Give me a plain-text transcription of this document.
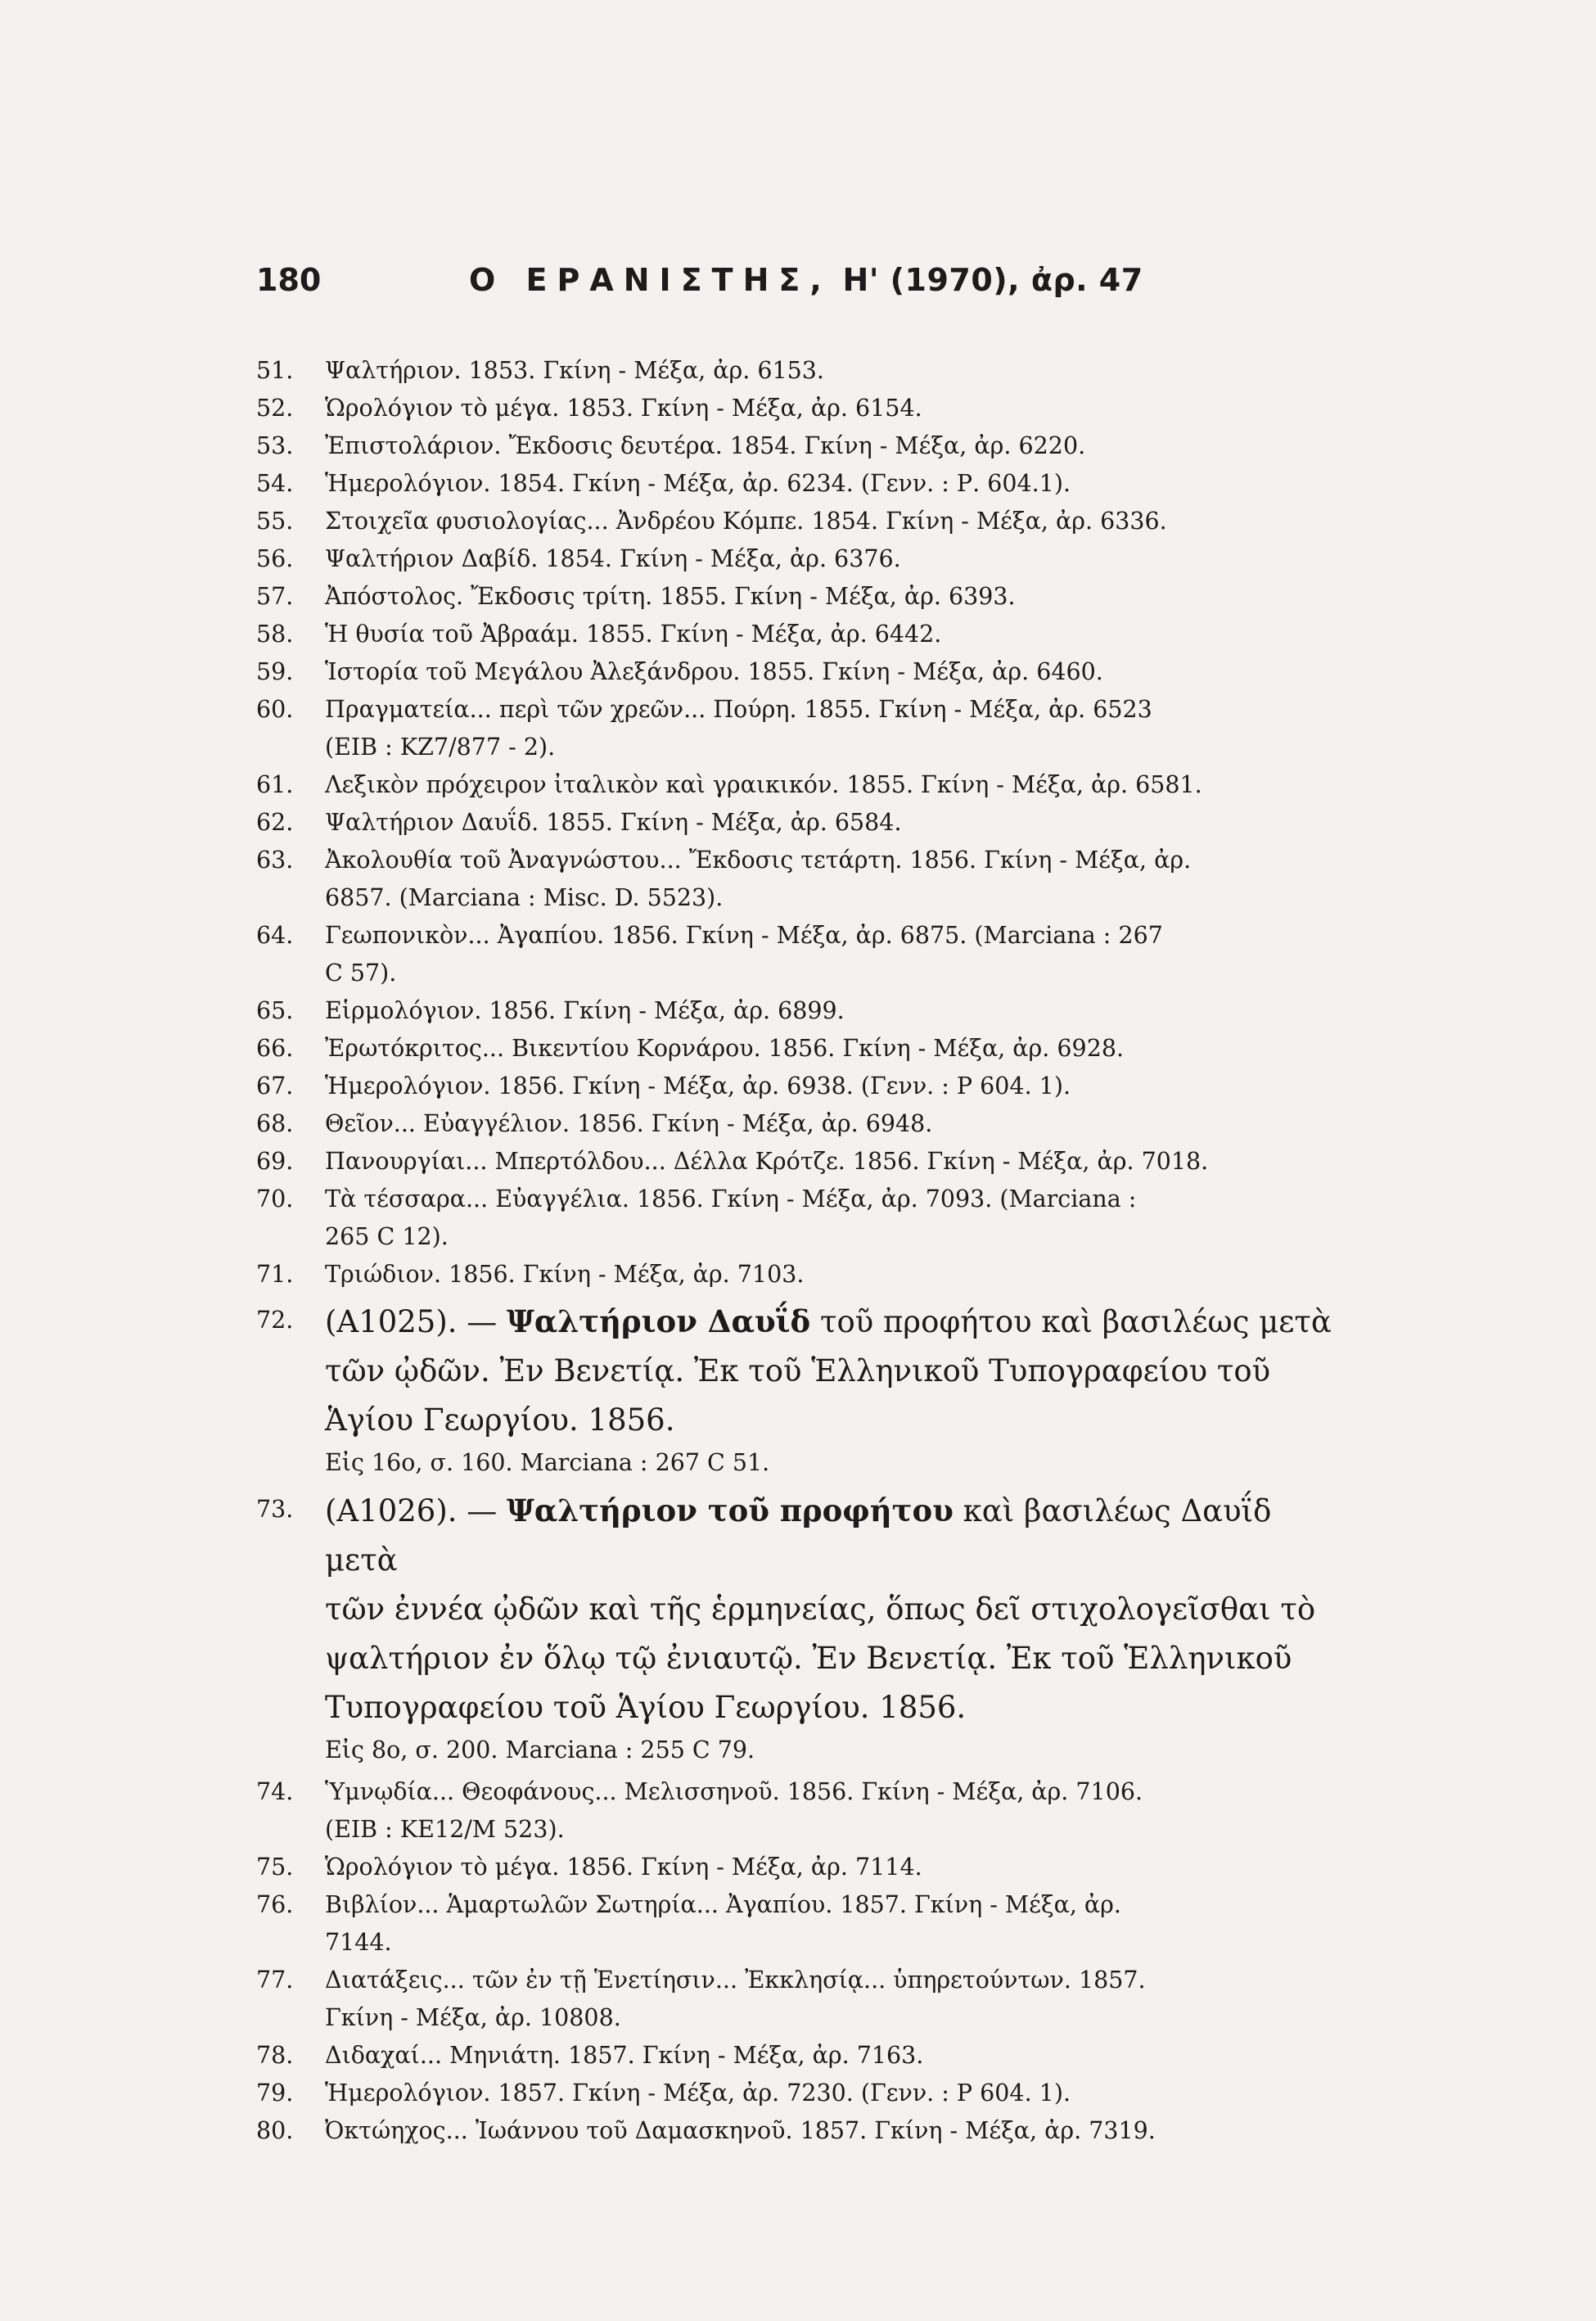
180	Ο ΕΡΑΝΙΣΤΗΣ, Η' (1970), ἀρ. 47
51.	Ψαλτήριον. 1853. Γκίνη - Μέξα, ἀρ. 6153.
52.	Ὡρολόγιον τὸ μέγα. 1853. Γκίνη - Μέξα, ἀρ. 6154.
53.	Ἐπιστολάριον. Ἔκδοσις δευτέρα. 1854. Γκίνη - Μέξα, ἀρ. 6220.
54.	Ἡμερολόγιον. 1854. Γκίνη - Μέξα, ἀρ. 6234. (Γενν. : Ρ. 604.1).
55.	Στοιχεῖα φυσιολογίας... Ἀνδρέου Κόμπε. 1854. Γκίνη - Μέξα, ἀρ. 6336.
56.	Ψαλτήριον Δαβίδ. 1854. Γκίνη - Μέξα, ἀρ. 6376.
57.	Ἀπόστολος. Ἔκδοσις τρίτη. 1855. Γκίνη - Μέξα, ἀρ. 6393.
58.	Ἡ θυσία τοῦ Ἀβραάμ. 1855. Γκίνη - Μέξα, ἀρ. 6442.
59.	Ἱστορία τοῦ Μεγάλου Ἀλεξάνδρου. 1855. Γκίνη - Μέξα, ἀρ. 6460.
60.	Πραγματεία... περὶ τῶν χρεῶν... Πούρη. 1855. Γκίνη - Μέξα, ἀρ. 6523
(ΕΙΒ : ΚΖ7/877 - 2).
61.	Λεξικὸν πρόχειρον ἰταλικὸν καὶ γραικικόν. 1855. Γκίνη - Μέξα, ἀρ. 6581.
62.	Ψαλτήριον Δαυΐδ. 1855. Γκίνη - Μέξα, ἀρ. 6584.
63.	Ἀκολουθία τοῦ Ἀναγνώστου... Ἔκδοσις τετάρτη. 1856. Γκίνη - Μέξα, ἀρ.
6857. (Marciana : Misc. D. 5523).
64.	Γεωπονικὸν... Ἀγαπίου. 1856. Γκίνη - Μέξα, ἀρ. 6875. (Marciana : 267
C 57).
65.	Εἱρμολόγιον. 1856. Γκίνη - Μέξα, ἀρ. 6899.
66.	Ἐρωτόκριτος... Βικεντίου Κορνάρου. 1856. Γκίνη - Μέξα, ἀρ. 6928.
67.	Ἡμερολόγιον. 1856. Γκίνη - Μέξα, ἀρ. 6938. (Γενν. : Ρ 604. 1).
68.	Θεῖον... Εὐαγγέλιον. 1856. Γκίνη - Μέξα, ἀρ. 6948.
69.	Πανουργίαι... Μπερτόλδου... Δέλλα Κρότζε. 1856. Γκίνη - Μέξα, ἀρ. 7018.
70.	Τὰ τέσσαρα... Εὐαγγέλια. 1856. Γκίνη - Μέξα, ἀρ. 7093. (Marciana :
265 C 12).
71.	Τριώδιον. 1856. Γκίνη - Μέξα, ἀρ. 7103.
72.	(Α1025). — Ψαλτήριον Δαυΐδ τοῦ προφήτου καὶ βασιλέως μετὰ
τῶν ᾠδῶν. Ἐν Βενετίᾳ. Ἐκ τοῦ Ἑλληνικοῦ Τυπογραφείου τοῦ
Ἁγίου Γεωργίου. 1856.
Εἰς 16ο, σ. 160. Marciana : 267 C 51.
73.	(Α1026). — Ψαλτήριον τοῦ προφήτου καὶ βασιλέως Δαυΐδ μετὰ
τῶν ἐννέα ᾠδῶν καὶ τῆς ἑρμηνείας, ὅπως δεῖ στιχολογεῖσθαι τὸ
ψαλτήριον ἐν ὅλῳ τῷ ἐνιαυτῷ. Ἐν Βενετίᾳ. Ἐκ τοῦ Ἑλληνικοῦ
Τυπογραφείου τοῦ Ἁγίου Γεωργίου. 1856.
Εἰς 8ο, σ. 200. Marciana : 255 C 79.
74.	Ὑμνῳδία... Θεοφάνους... Μελισσηνοῦ. 1856. Γκίνη - Μέξα, ἀρ. 7106.
(ΕΙΒ : ΚΕ12/Μ 523).
75.	Ὡρολόγιον τὸ μέγα. 1856. Γκίνη - Μέξα, ἀρ. 7114.
76.	Βιβλίον... Ἁμαρτωλῶν Σωτηρία... Ἀγαπίου. 1857. Γκίνη - Μέξα, ἀρ.
7144.
77.	Διατάξεις... τῶν ἐν τῇ Ἑνετίησιν... Ἐκκλησίᾳ... ὑπηρετούντων. 1857.
Γκίνη - Μέξα, ἀρ. 10808.
78.	Διδαχαί... Μηνιάτη. 1857. Γκίνη - Μέξα, ἀρ. 7163.
79.	Ἡμερολόγιον. 1857. Γκίνη - Μέξα, ἀρ. 7230. (Γενν. : Ρ 604. 1).
80.	Ὀκτώηχος... Ἰωάννου τοῦ Δαμασκηνοῦ. 1857. Γκίνη - Μέξα, ἀρ. 7319.
